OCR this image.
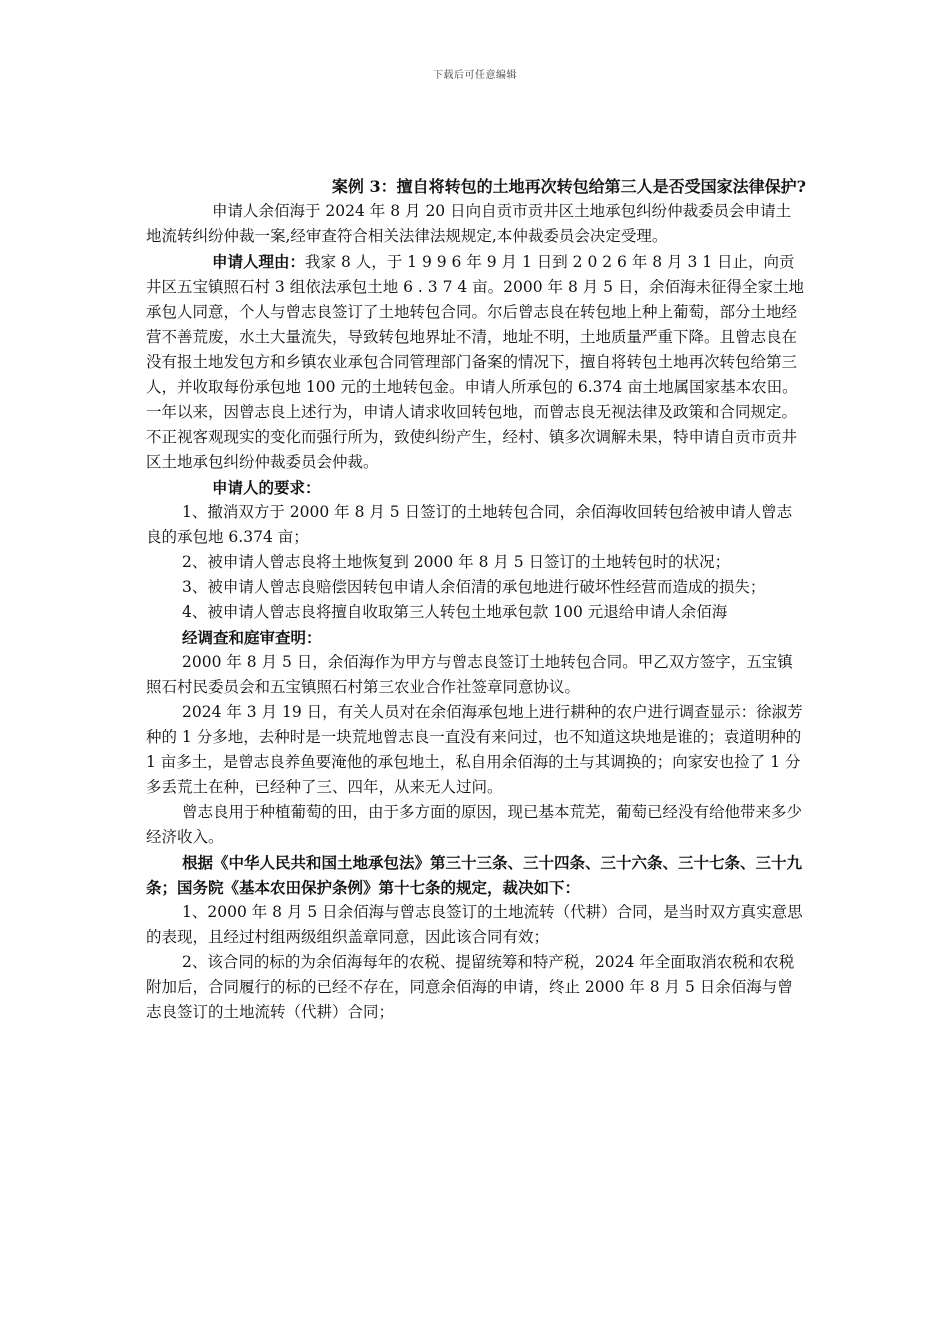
下载后可任意编辑

案例 3：擅自将转包的土地再次转包给第三人是否受国家法律保护?

申请人余佰海于 2024 年 8 月 20 日向自贡市贡井区土地承包纠纷仲裁委员会申请土地流转纠纷仲裁一案,经审查符合相关法律法规规定,本仲裁委员会决定受理。

申请人理由：我家 8 人，于 1 9 9 6 年 9 月 1 日到 2 0 2 6 年 8 月 3 1 日止，向贡井区五宝镇照石村 3 组依法承包土地 6 . 3 7 4 亩。2000 年 8 月 5 日，余佰海未征得全家土地承包人同意，个人与曾志良签订了土地转包合同。尔后曾志良在转包地上种上葡萄，部分土地经营不善荒废，水土大量流失，导致转包地界址不清，地址不明，土地质量严重下降。且曾志良在没有报土地发包方和乡镇农业承包合同管理部门备案的情况下，擅自将转包土地再次转包给第三人，并收取每份承包地 100 元的土地转包金。申请人所承包的 6.374 亩土地属国家基本农田。一年以来，因曾志良上述行为，申请人请求收回转包地，而曾志良无视法律及政策和合同规定。不正视客观现实的变化而强行所为，致使纠纷产生，经村、镇多次调解未果，特申请自贡市贡井区土地承包纠纷仲裁委员会仲裁。

申请人的要求：

1、撤消双方于 2000 年 8 月 5 日签订的土地转包合同，余佰海收回转包给被申请人曾志良的承包地 6.374 亩；

2、被申请人曾志良将土地恢复到 2000 年 8 月 5 日签订的土地转包时的状况；

3、被申请人曾志良赔偿因转包申请人余佰清的承包地进行破坏性经营而造成的损失；

4、被申请人曾志良将擅自收取第三人转包土地承包款 100 元退给申请人余佰海

经调查和庭审查明：

2000 年 8 月 5 日，余佰海作为甲方与曾志良签订土地转包合同。甲乙双方签字，五宝镇照石村民委员会和五宝镇照石村第三农业合作社签章同意协议。

2024 年 3 月 19 日，有关人员对在余佰海承包地上进行耕种的农户进行调查显示：徐淑芳种的 1 分多地，去种时是一块荒地曾志良一直没有来问过，也不知道这块地是谁的；袁道明种的 1 亩多土，是曾志良养鱼要淹他的承包地土，私自用余佰海的土与其调换的；向家安也捡了 1 分多丢荒土在种，已经种了三、四年，从来无人过问。

曾志良用于种植葡萄的田，由于多方面的原因，现已基本荒芜，葡萄已经没有给他带来多少经济收入。

根据《中华人民共和国土地承包法》第三十三条、三十四条、三十六条、三十七条、三十九条；国务院《基本农田保护条例》第十七条的规定，裁决如下：

1、2000 年 8 月 5 日余佰海与曾志良签订的土地流转（代耕）合同，是当时双方真实意思的表现，且经过村组两级组织盖章同意，因此该合同有效；

2、该合同的标的为余佰海每年的农税、提留统筹和特产税，2024 年全面取消农税和农税附加后，合同履行的标的已经不存在，同意余佰海的申请，终止 2000 年 8 月 5 日余佰海与曾志良签订的土地流转（代耕）合同；
